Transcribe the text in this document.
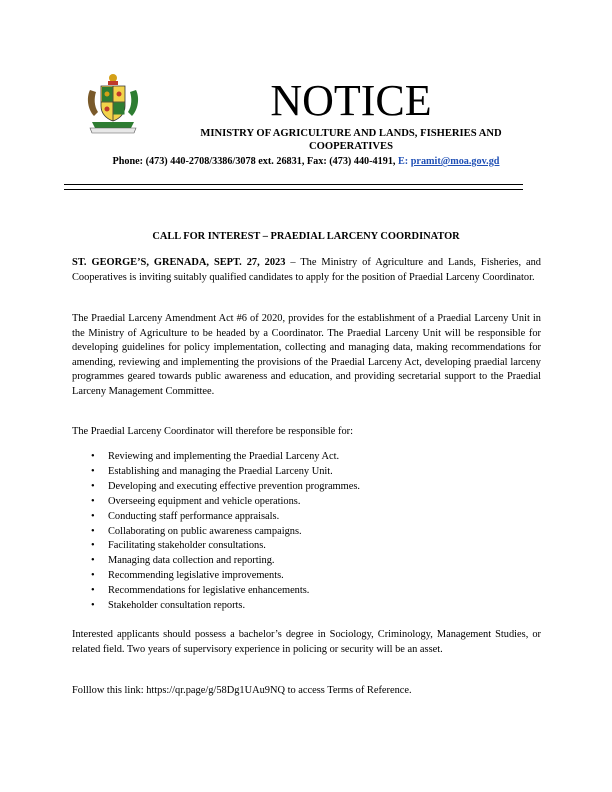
NOTICE
MINISTRY OF AGRICULTURE AND LANDS, FISHERIES AND
COOPERATIVES
Phone: (473) 440-2708/3386/3078 ext. 26831, Fax: (473) 440-4191, E: pramit@moa.gov.gd
CALL FOR INTEREST – PRAEDIAL LARCENY COORDINATOR

ST. GEORGE’S, GRENADA, SEPT. 27, 2023 – The Ministry of Agriculture and Lands, Fisheries, and Cooperatives is inviting suitably qualified candidates to apply for the position of Praedial Larceny Coordinator.

The Praedial Larceny Amendment Act #6 of 2020, provides for the establishment of a Praedial Larceny Unit in the Ministry of Agriculture to be headed by a Coordinator. The Praedial Larceny Unit will be responsible for developing guidelines for policy implementation, collecting and managing data, making recommendations for amending, reviewing and implementing the provisions of the Praedial Larceny Act, developing praedial larceny programmes geared towards public awareness and education, and providing secretarial support to the Praedial Larceny Management Committee.

The Praedial Larceny Coordinator will therefore be responsible for:

• Reviewing and implementing the Praedial Larceny Act.
• Establishing and managing the Praedial Larceny Unit.
• Developing and executing effective prevention programmes.
• Overseeing equipment and vehicle operations.
• Conducting staff performance appraisals.
• Collaborating on public awareness campaigns.
• Facilitating stakeholder consultations.
• Managing data collection and reporting.
• Recommending legislative improvements.
• Recommendations for legislative enhancements.
• Stakeholder consultation reports.

Interested applicants should possess a bachelor’s degree in Sociology, Criminology, Management Studies, or related field. Two years of supervisory experience in policing or security will be an asset.

Folllow this link: https://qr.page/g/58Dg1UAu9NQ to access Terms of Reference.
